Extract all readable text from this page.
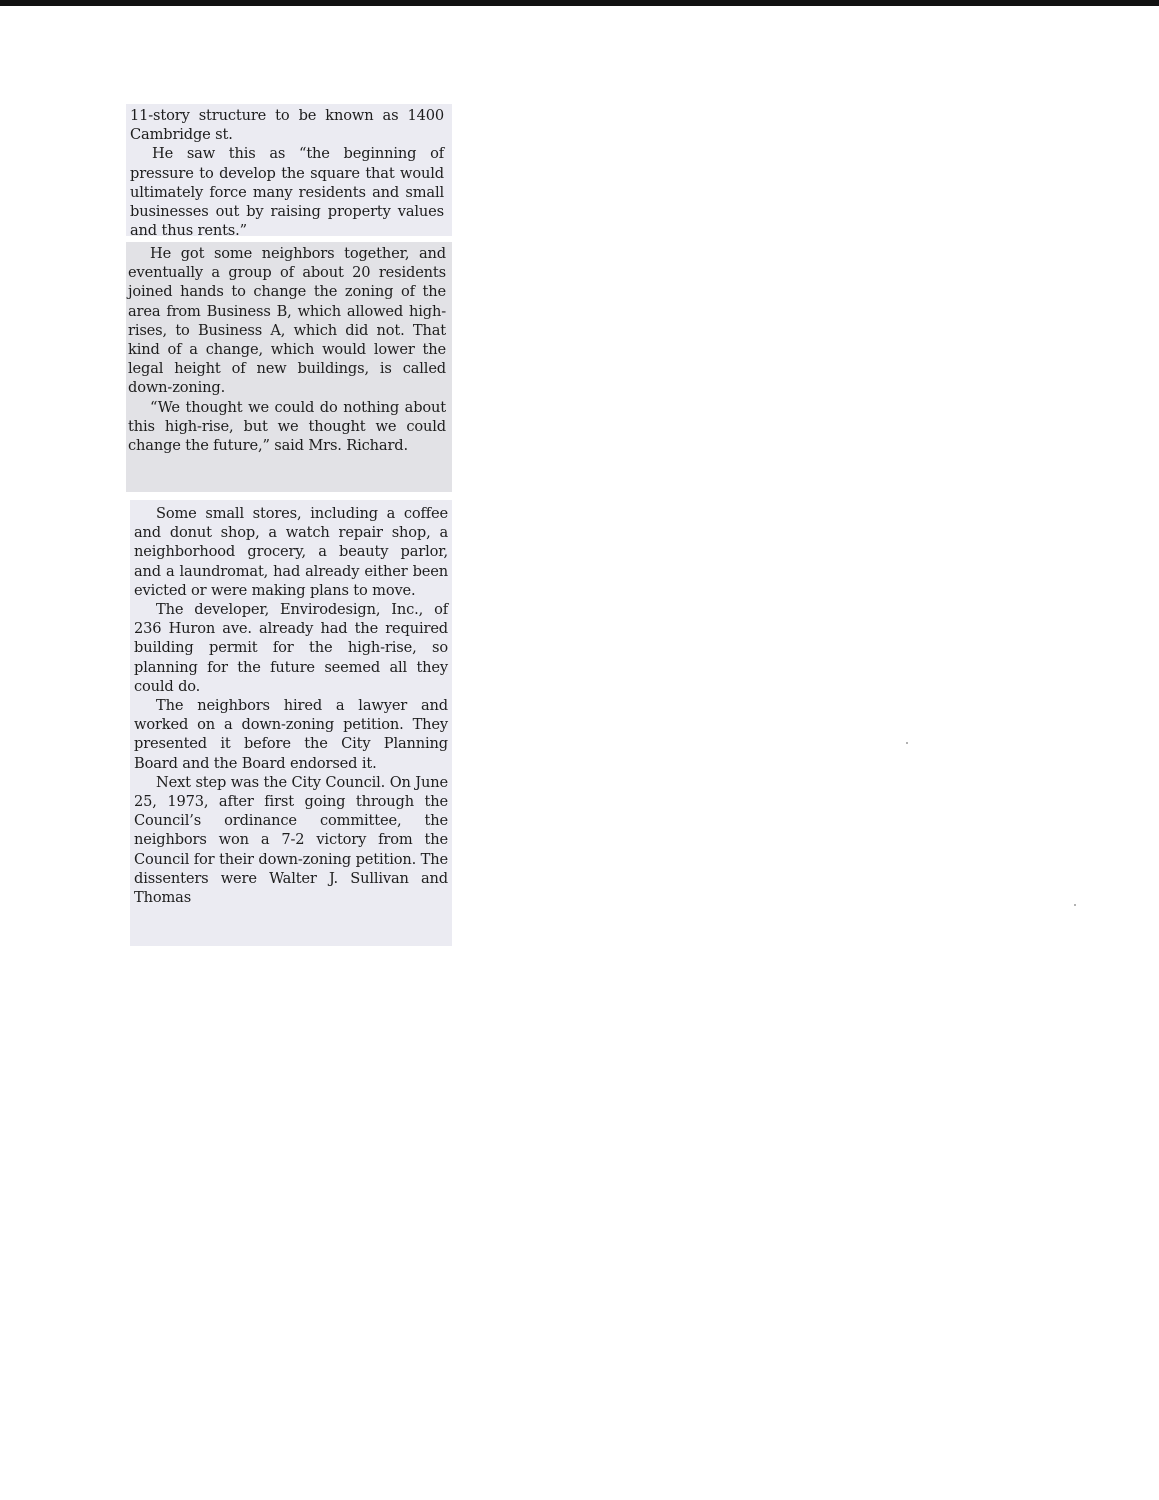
11-story structure to be known as 1400 Cambridge st.

He saw this as “the beginning of pressure to develop the square that would ultimately force many residents and small businesses out by raising property values and thus rents.”

He got some neighbors together, and eventually a group of about 20 residents joined hands to change the zoning of the area from Business B, which allowed high-rises, to Business A, which did not. That kind of a change, which would lower the legal height of new buildings, is called down-zoning.

“We thought we could do nothing about this high-rise, but we thought we could change the future,” said Mrs. Richard.

Some small stores, including a coffee and donut shop, a watch repair shop, a neighborhood grocery, a beauty parlor, and a laundromat, had already either been evicted or were making plans to move.

The developer, Envirodesign, Inc., of 236 Huron ave. already had the required building permit for the high-rise, so planning for the future seemed all they could do.

The neighbors hired a lawyer and worked on a down-zoning petition. They presented it before the City Planning Board and the Board endorsed it.

Next step was the City Council. On June 25, 1973, after first going through the Council’s ordinance committee, the neighbors won a 7-2 victory from the Council for their down-zoning petition. The dissenters were Walter J. Sullivan and Thomas
